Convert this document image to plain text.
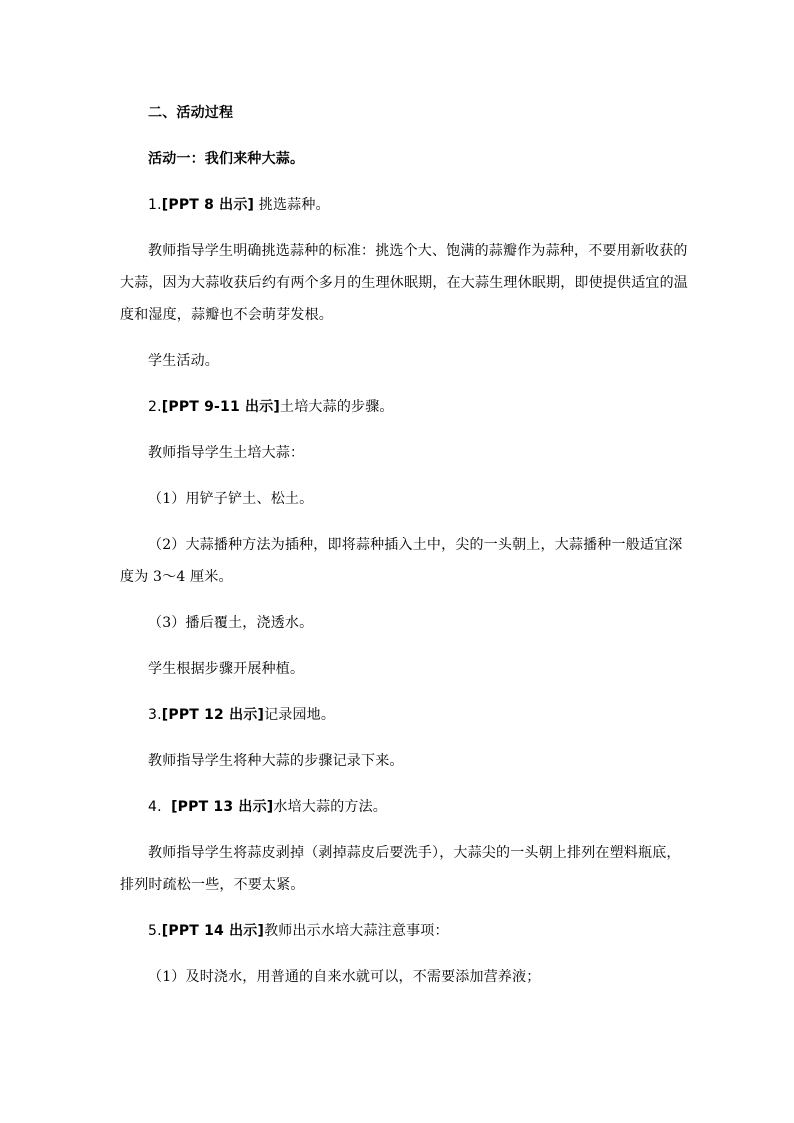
二、活动过程
活动一：我们来种大蒜。
1.[PPT 8 出示] 挑选蒜种。
教师指导学生明确挑选蒜种的标准：挑选个大、饱满的蒜瓣作为蒜种，不要用新收获的
大蒜，因为大蒜收获后约有两个多月的生理休眠期，在大蒜生理休眠期，即使提供适宜的温
度和湿度，蒜瓣也不会萌芽发根。
学生活动。
2.[PPT 9-11 出示]土培大蒜的步骤。
教师指导学生土培大蒜：
（1）用铲子铲土、松土。
（2）大蒜播种方法为插种，即将蒜种插入土中，尖的一头朝上，大蒜播种一般适宜深
度为 3～4 厘米。
（3）播后覆土，浇透水。
学生根据步骤开展种植。
3.[PPT 12 出示]记录园地。
教师指导学生将种大蒜的步骤记录下来。
4. [PPT 13 出示]水培大蒜的方法。
教师指导学生将蒜皮剥掉（剥掉蒜皮后要洗手），大蒜尖的一头朝上排列在塑料瓶底，
排列时疏松一些，不要太紧。
5.[PPT 14 出示]教师出示水培大蒜注意事项：
（1）及时浇水，用普通的自来水就可以，不需要添加营养液；
